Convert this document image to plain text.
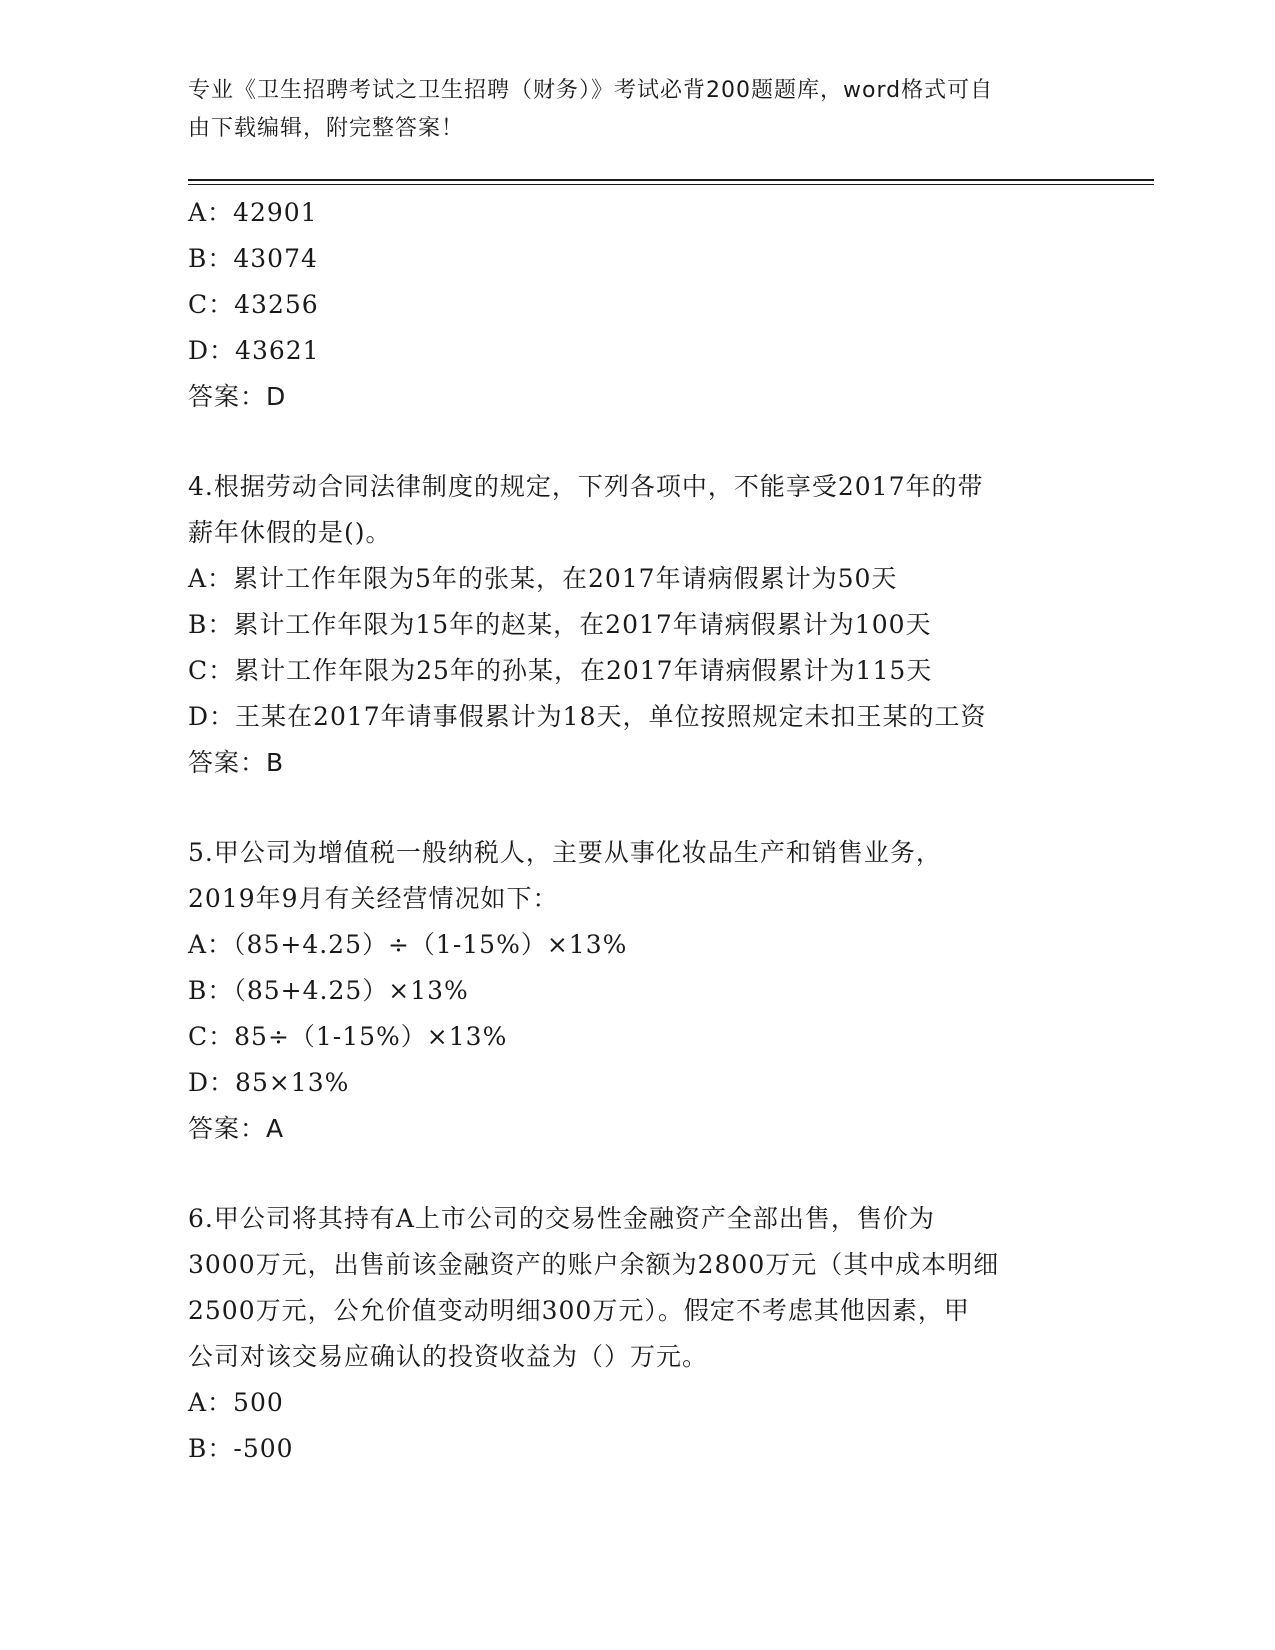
专业《卫生招聘考试之卫生招聘（财务）》考试必背200题题库，word格式可自
由下载编辑，附完整答案！
A：42901
B：43074
C：43256
D：43621
答案：D
4.根据劳动合同法律制度的规定，下列各项中，不能享受2017年的带
薪年休假的是()。
A：累计工作年限为5年的张某，在2017年请病假累计为50天
B：累计工作年限为15年的赵某，在2017年请病假累计为100天
C：累计工作年限为25年的孙某，在2017年请病假累计为115天
D：王某在2017年请事假累计为18天，单位按照规定未扣王某的工资
答案：B
5.甲公司为增值税一般纳税人，主要从事化妆品生产和销售业务，
2019年9月有关经营情况如下：
A：（85+4.25）÷（1-15%）×13%
B：（85+4.25）×13%
C：85÷（1-15%）×13%
D：85×13%
答案：A
6.甲公司将其持有A上市公司的交易性金融资产全部出售，售价为
3000万元，出售前该金融资产的账户余额为2800万元（其中成本明细
2500万元，公允价值变动明细300万元）。假定不考虑其他因素，甲
公司对该交易应确认的投资收益为（）万元。
A：500
B：-500
